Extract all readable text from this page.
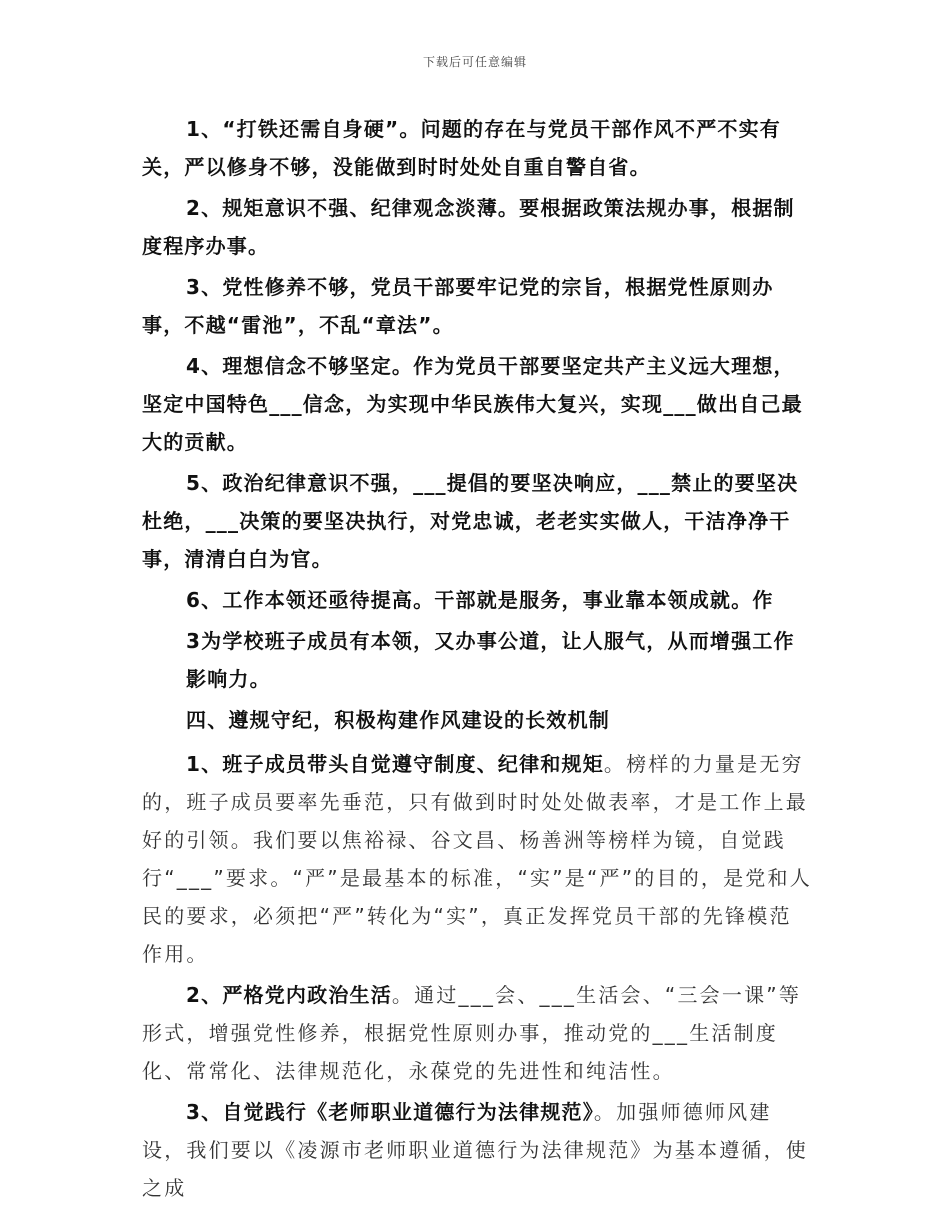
下载后可任意编辑

1、“打铁还需自身硬”。问题的存在与党员干部作风不严不实有关，严以修身不够，没能做到时时处处自重自警自省。

2、规矩意识不强、纪律观念淡薄。要根据政策法规办事，根据制度程序办事。

3、党性修养不够，党员干部要牢记党的宗旨，根据党性原则办事，不越“雷池”，不乱“章法”。

4、理想信念不够坚定。作为党员干部要坚定共产主义远大理想，坚定中国特色___信念，为实现中华民族伟大复兴，实现___做出自己最大的贡献。

5、政治纪律意识不强，___提倡的要坚决响应，___禁止的要坚决杜绝，___决策的要坚决执行，对党忠诚，老老实实做人，干洁净净干事，清清白白为官。

6、工作本领还亟待提高。干部就是服务，事业靠本领成就。作

3为学校班子成员有本领，又办事公道，让人服气，从而增强工作影响力。

四、遵规守纪，积极构建作风建设的长效机制

1、班子成员带头自觉遵守制度、纪律和规矩。榜样的力量是无穷的，班子成员要率先垂范，只有做到时时处处做表率，才是工作上最好的引领。我们要以焦裕禄、谷文昌、杨善洲等榜样为镜，自觉践行“___”要求。“严”是最基本的标准，“实”是“严”的目的，是党和人民的要求，必须把“严”转化为“实”，真正发挥党员干部的先锋模范作用。

2、严格党内政治生活。通过___会、___生活会、“三会一课”等形式，增强党性修养，根据党性原则办事，推动党的___生活制度化、常常化、法律规范化，永葆党的先进性和纯洁性。

3、自觉践行《老师职业道德行为法律规范》。加强师德师风建设，我们要以《凌源市老师职业道德行为法律规范》为基本遵循，使之成
